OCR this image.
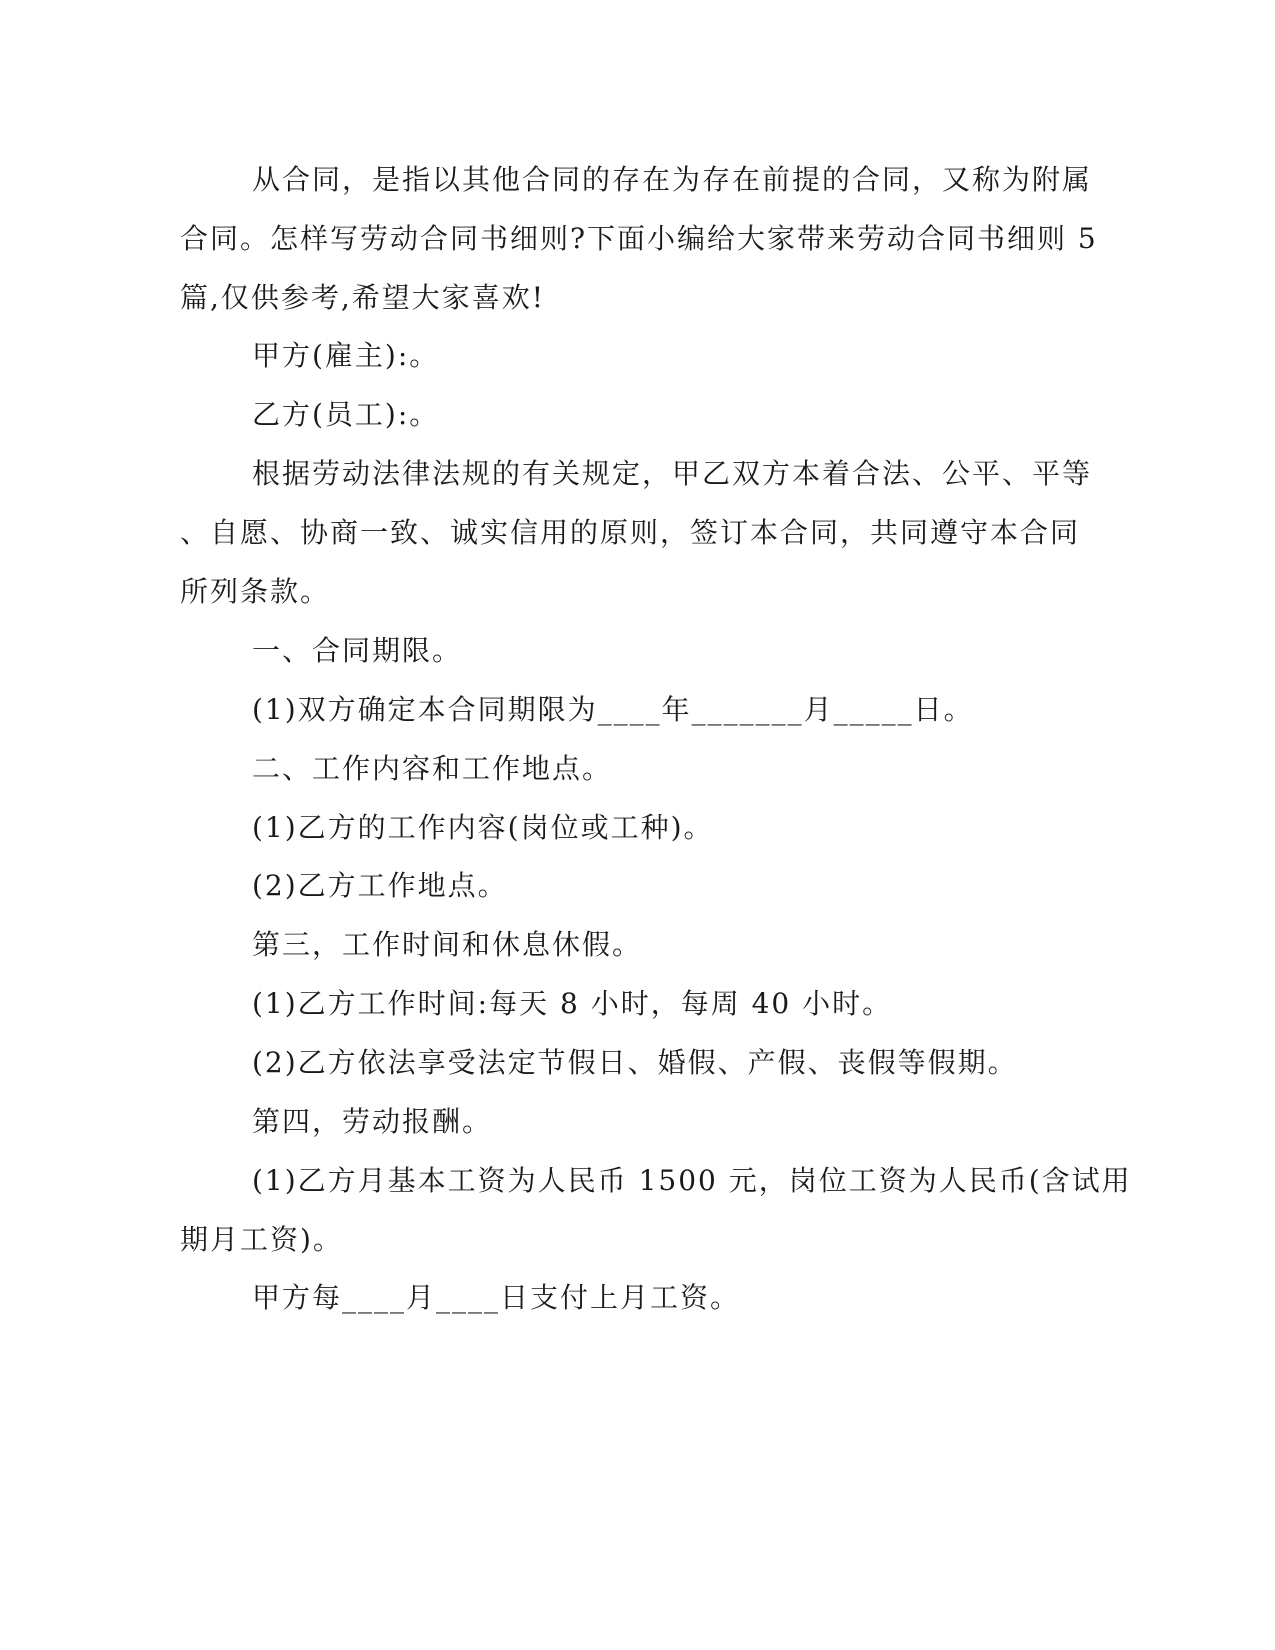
从合同，是指以其他合同的存在为存在前提的合同，又称为附属
合同。怎样写劳动合同书细则?下面小编给大家带来劳动合同书细则 5
篇,仅供参考,希望大家喜欢!
甲方(雇主):。
乙方(员工):。
根据劳动法律法规的有关规定，甲乙双方本着合法、公平、平等
、自愿、协商一致、诚实信用的原则，签订本合同，共同遵守本合同
所列条款。
一、合同期限。
(1)双方确定本合同期限为____年_______月_____日。
二、工作内容和工作地点。
(1)乙方的工作内容(岗位或工种)。
(2)乙方工作地点。
第三，工作时间和休息休假。
(1)乙方工作时间:每天 8 小时，每周 40 小时。
(2)乙方依法享受法定节假日、婚假、产假、丧假等假期。
第四，劳动报酬。
(1)乙方月基本工资为人民币 1500 元，岗位工资为人民币(含试用
期月工资)。
甲方每____月____日支付上月工资。
